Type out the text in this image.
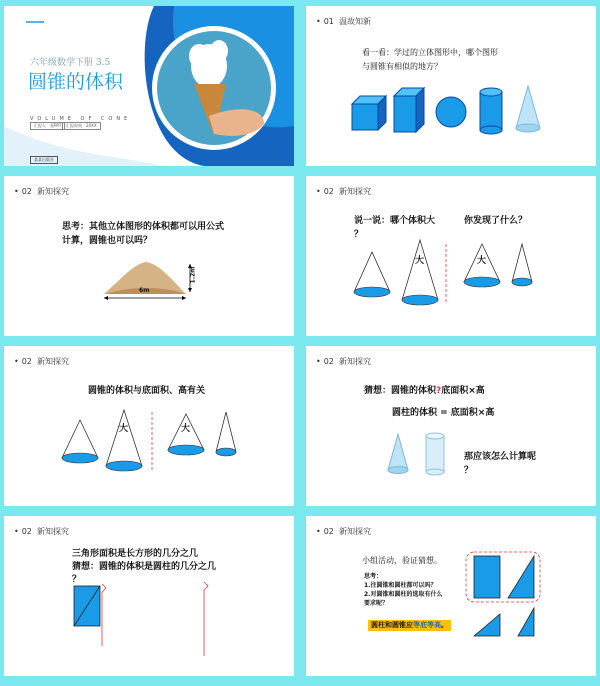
六年级数学下册 3.5
圆锥的体积
VOLUME OF CONE
汇报人：嘉PPT	汇报时间：20XX
某某出版社
• 01 温故知新
看一看：学过的立体图形中，哪个图形
与圆锥有相似的地方？
• 02 新知探究
思考：其他立体图形的体积都可以用公式
计算，圆锥也可以吗？
6m
1.2m
• 02 新知探究
说一说：哪个体积大
？
你发现了什么？
大	大
• 02 新知探究
圆锥的体积与底面积、高有关
大	大
• 02 新知探究
猜想：圆锥的体积?底面积×高
圆柱的体积 = 底面积×高
那应该怎么计算呢
？
• 02 新知探究
三角形面积是长方形的几分之几
猜想：圆锥的体积是圆柱的几分之几
？
• 02 新知探究
小组活动，验证猜想。
思考：
1.往圆锥和圆柱都可以吗？
2.对圆锥和圆柱的选取有什么
要求呢？
圆柱和圆锥应等底等高。
